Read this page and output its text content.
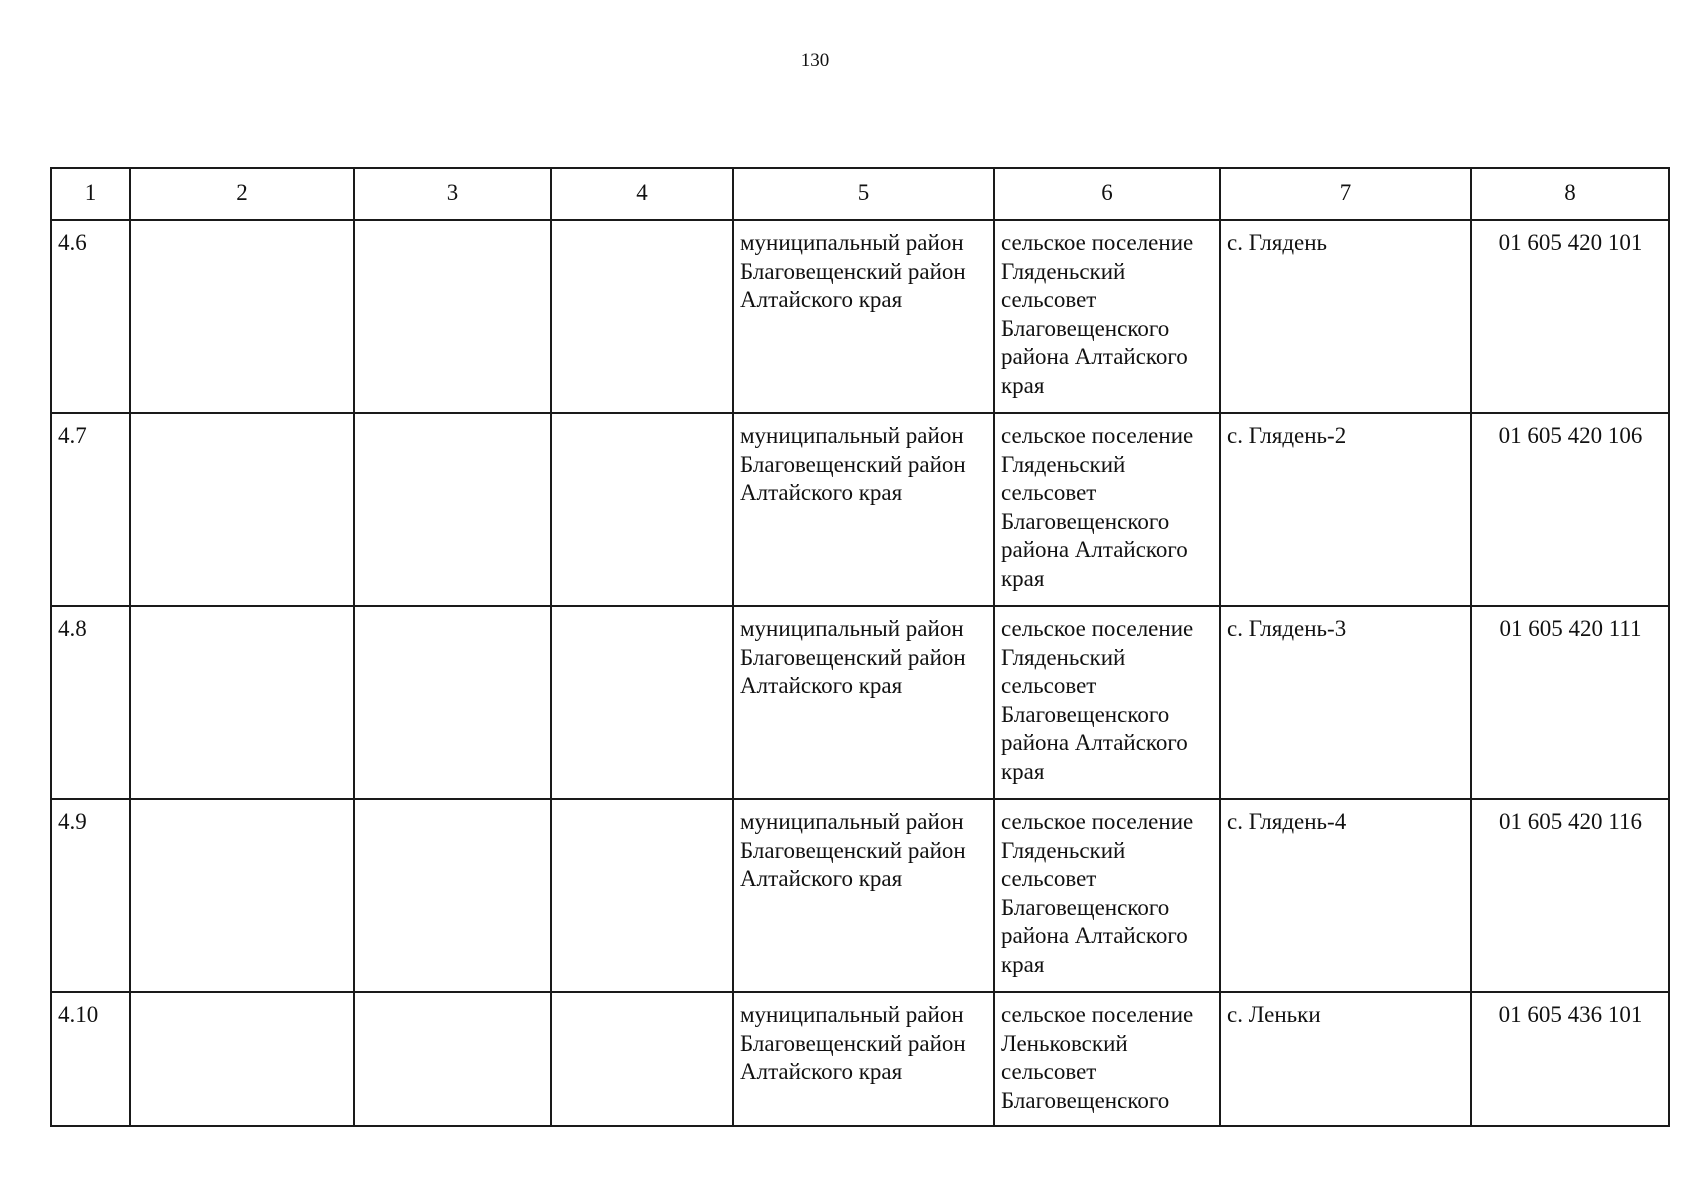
130
1	2	3	4	5	6	7	8
4.6				муниципальный район Благовещенский район Алтайского края	сельское поселение Гляденьский сельсовет Благовещенского района Алтайского края	с. Глядень	01 605 420 101
4.7				муниципальный район Благовещенский район Алтайского края	сельское поселение Гляденьский сельсовет Благовещенского района Алтайского края	с. Глядень-2	01 605 420 106
4.8				муниципальный район Благовещенский район Алтайского края	сельское поселение Гляденьский сельсовет Благовещенского района Алтайского края	с. Глядень-3	01 605 420 111
4.9				муниципальный район Благовещенский район Алтайского края	сельское поселение Гляденьский сельсовет Благовещенского района Алтайского края	с. Глядень-4	01 605 420 116
4.10				муниципальный район Благовещенский район Алтайского края	сельское поселение Леньковский сельсовет Благовещенского	с. Леньки	01 605 436 101
